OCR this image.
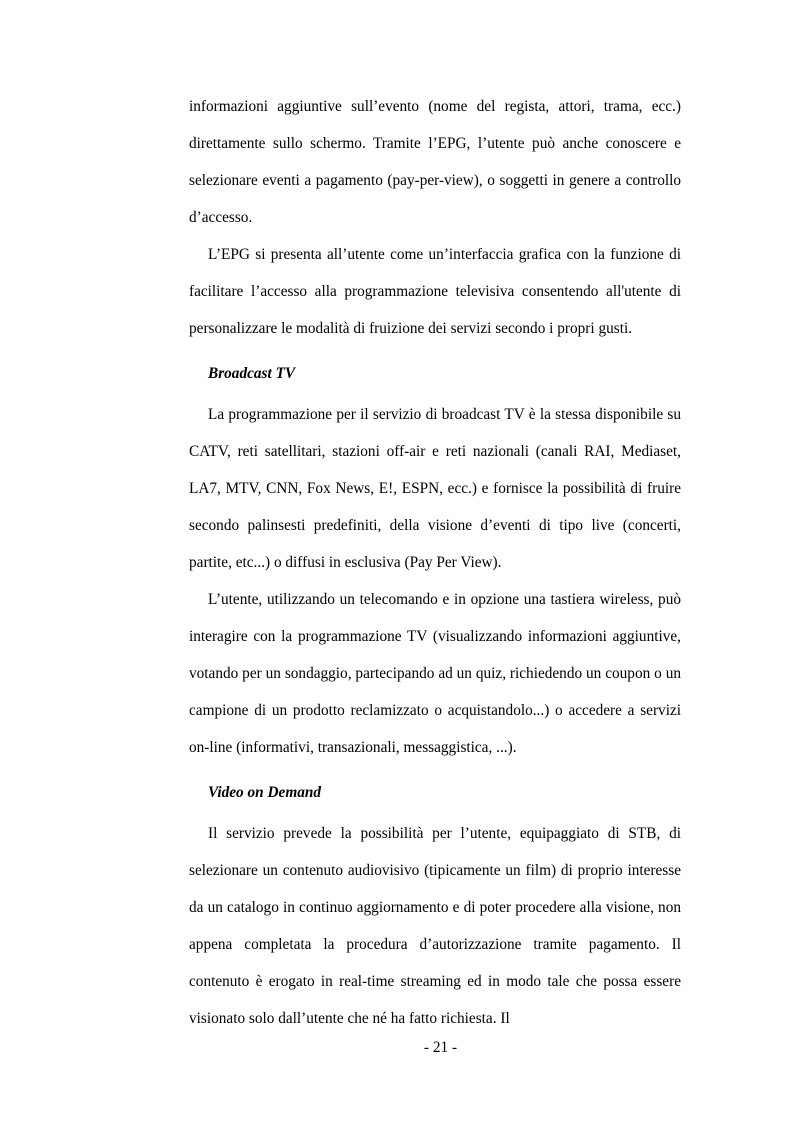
informazioni aggiuntive sull’evento (nome del regista, attori, trama, ecc.) direttamente sullo schermo. Tramite l’EPG, l’utente può anche conoscere e selezionare eventi a pagamento (pay-per-view), o soggetti in genere a controllo d’accesso.

L’EPG si presenta all’utente come un’interfaccia grafica con la funzione di facilitare l’accesso alla programmazione televisiva consentendo all'utente di personalizzare le modalità di fruizione dei servizi secondo i propri gusti.

Broadcast TV

La programmazione per il servizio di broadcast TV è la stessa disponibile su CATV, reti satellitari, stazioni off-air e reti nazionali (canali RAI, Mediaset, LA7, MTV, CNN, Fox News, E!, ESPN, ecc.) e fornisce la possibilità di fruire secondo palinsesti predefiniti, della visione d’eventi di tipo live (concerti, partite, etc...) o diffusi in esclusiva (Pay Per View).

L’utente, utilizzando un telecomando e in opzione una tastiera wireless, può interagire con la programmazione TV (visualizzando informazioni aggiuntive, votando per un sondaggio, partecipando ad un quiz, richiedendo un coupon o un campione di un prodotto reclamizzato o acquistandolo...) o accedere a servizi on-line (informativi, transazionali, messaggistica, ...).

Video on Demand

Il servizio prevede la possibilità per l’utente, equipaggiato di STB, di selezionare un contenuto audiovisivo (tipicamente un film) di proprio interesse da un catalogo in continuo aggiornamento e di poter procedere alla visione, non appena completata la procedura d’autorizzazione tramite pagamento. Il contenuto è erogato in real-time streaming ed in modo tale che possa essere visionato solo dall’utente che né ha fatto richiesta. Il

- 21 -
